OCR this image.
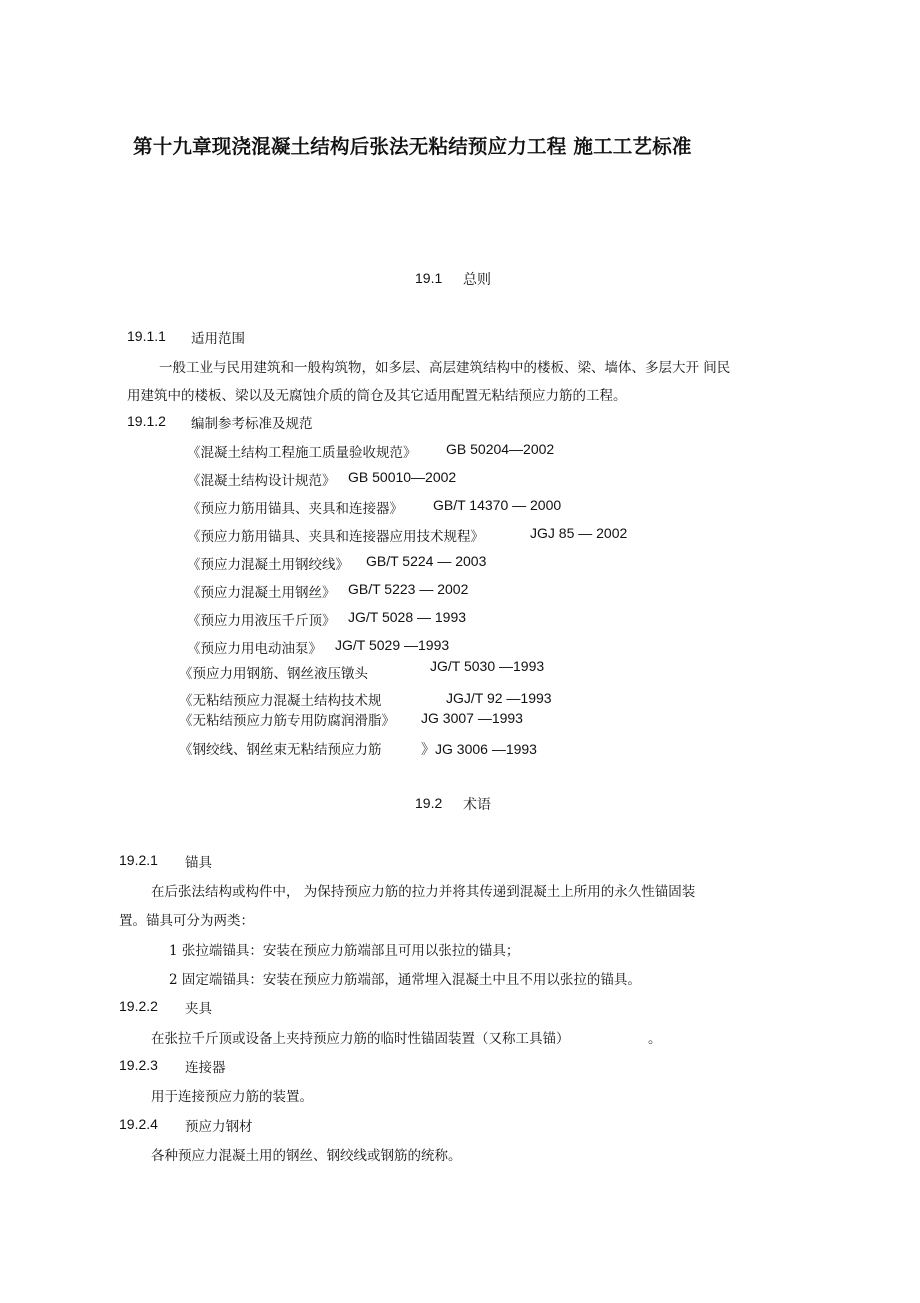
第十九章现浇混凝土结构后张法无粘结预应力工程 施工工艺标准
19.1 总则
19.1.1 适用范围
一般工业与民用建筑和一般构筑物，如多层、高层建筑结构中的楼板、梁、墙体、多层大开 间民
用建筑中的楼板、梁以及无腐蚀介质的筒仓及其它适用配置无粘结预应力筋的工程。
19.1.2 编制参考标准及规范
《混凝土结构工程施工质量验收规范》 GB 50204—2002
《混凝土结构设计规范》 GB 50010—2002
《预应力筋用锚具、夹具和连接器》 GB/T 14370 — 2000
《预应力筋用锚具、夹具和连接器应用技术规程》	JGJ 85 — 2002
《预应力混凝土用钢绞线》 GB/T 5224 — 2003
《预应力混凝土用钢丝》 GB/T 5223 — 2002
《预应力用液压千斤顶》 JG/T 5028 — 1993
《预应力用电动油泵》 JG/T 5029 —1993
《预应力用钢筋、钢丝液压镦头	JG/T 5030 —1993
《无粘结预应力混凝土结构技术规	JGJ/T 92 —1993
《无粘结预应力筋专用防腐润滑脂》 JG 3007 —1993
《钢绞线、钢丝束无粘结预应力筋	》JG 3006 —1993
19.2 术语
19.2.1 锚具
在后张法结构或构件中， 为保持预应力筋的拉力并将其传递到混凝土上所用的永久性锚固装
置。锚具可分为两类：
1 张拉端锚具：安装在预应力筋端部且可用以张拉的锚具；
2 固定端锚具：安装在预应力筋端部，通常埋入混凝土中且不用以张拉的锚具。
19.2.2 夹具
在张拉千斤顶或设备上夹持预应力筋的临时性锚固装置（又称工具锚）	。
19.2.3 连接器
用于连接预应力筋的装置。
19.2.4 预应力钢材
各种预应力混凝土用的钢丝、钢绞线或钢筋的统称。
